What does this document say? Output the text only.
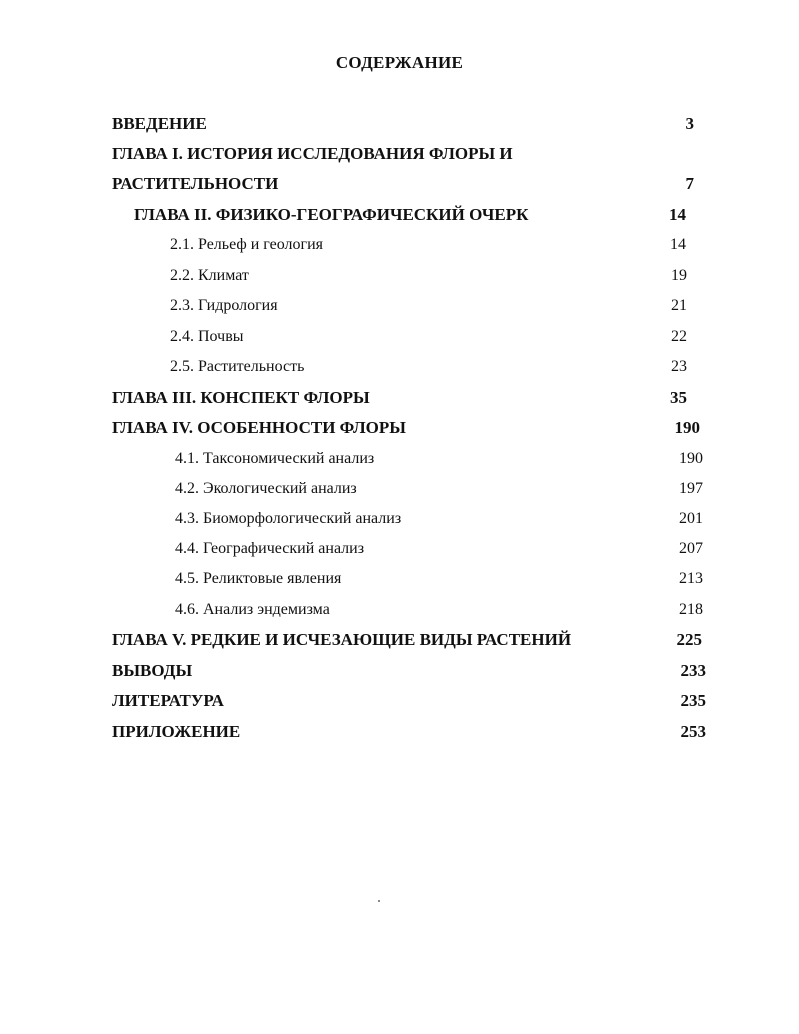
СОДЕРЖАНИЕ
ВВЕДЕНИЕ	3
ГЛАВА I. ИСТОРИЯ ИССЛЕДОВАНИЯ ФЛОРЫ И
РАСТИТЕЛЬНОСТИ	7
ГЛАВА II. ФИЗИКО-ГЕОГРАФИЧЕСКИЙ ОЧЕРК	14
2.1. Рельеф и геология	14
2.2. Климат	19
2.3. Гидрология	21
2.4. Почвы	22
2.5. Растительность	23
ГЛАВА III. КОНСПЕКТ ФЛОРЫ	35
ГЛАВА IV. ОСОБЕННОСТИ ФЛОРЫ	190
4.1. Таксономический анализ	190
4.2. Экологический анализ	197
4.3. Биоморфологический анализ	201
4.4. Географический анализ	207
4.5. Реликтовые явления	213
4.6. Анализ эндемизма	218
ГЛАВА V. РЕДКИЕ И ИСЧЕЗАЮЩИЕ ВИДЫ РАСТЕНИЙ	225
ВЫВОДЫ	233
ЛИТЕРАТУРА	235
ПРИЛОЖЕНИЕ	253
